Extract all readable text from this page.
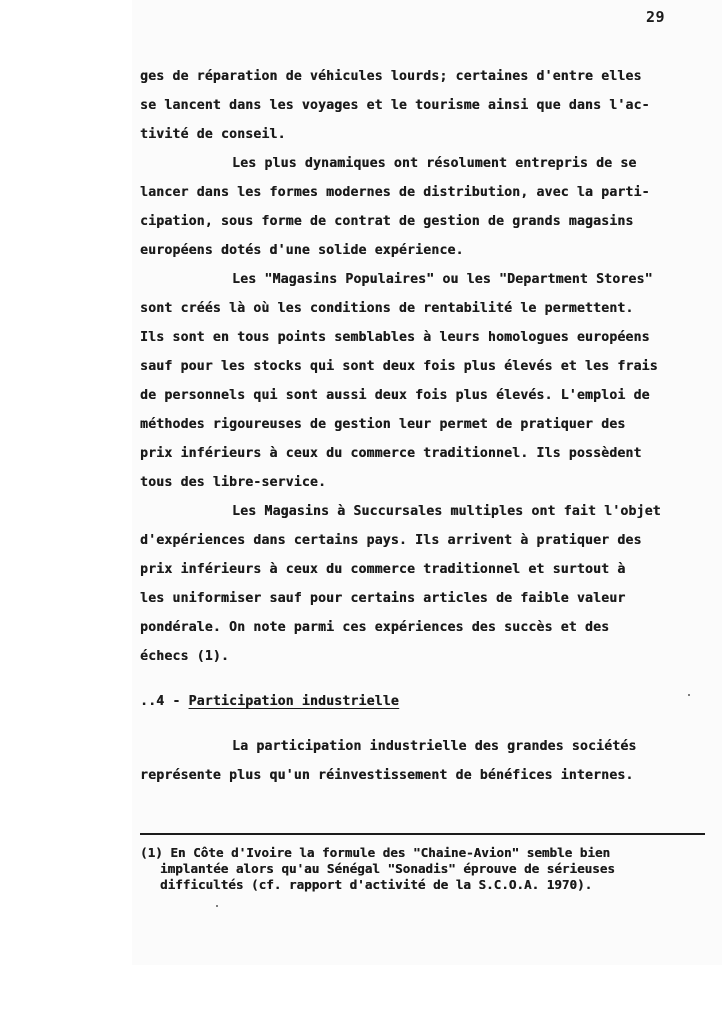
29
ges de réparation de véhicules lourds; certaines d'entre elles
se lancent dans les voyages et le tourisme ainsi que dans l'ac-
tivité de conseil.
Les plus dynamiques ont résolument entrepris de se
lancer dans les formes modernes de distribution, avec la parti-
cipation, sous forme de contrat de gestion de grands magasins
européens dotés d'une solide expérience.
Les "Magasins Populaires" ou les "Department Stores"
sont créés là où les conditions de rentabilité le permettent.
Ils sont en tous points semblables à leurs homologues européens
sauf pour les stocks qui sont deux fois plus élevés et les frais
de personnels qui sont aussi deux fois plus élevés. L'emploi de
méthodes rigoureuses de gestion leur permet de pratiquer des
prix inférieurs à ceux du commerce traditionnel. Ils possèdent
tous des libre-service.
Les Magasins à Succursales multiples ont fait l'objet
d'expériences dans certains pays. Ils arrivent à pratiquer des
prix inférieurs à ceux du commerce traditionnel et surtout à
les uniformiser sauf pour certains articles de faible valeur
pondérale. On note parmi ces expériences des succès et des
échecs (1).
..4 - Participation industrielle
La participation industrielle des grandes sociétés
représente plus qu'un réinvestissement de bénéfices internes.
(1) En Côte d'Ivoire la formule des "Chaine-Avion" semble bien
implantée alors qu'au Sénégal "Sonadis" éprouve de sérieuses
difficultés (cf. rapport d'activité de la S.C.O.A. 1970).
